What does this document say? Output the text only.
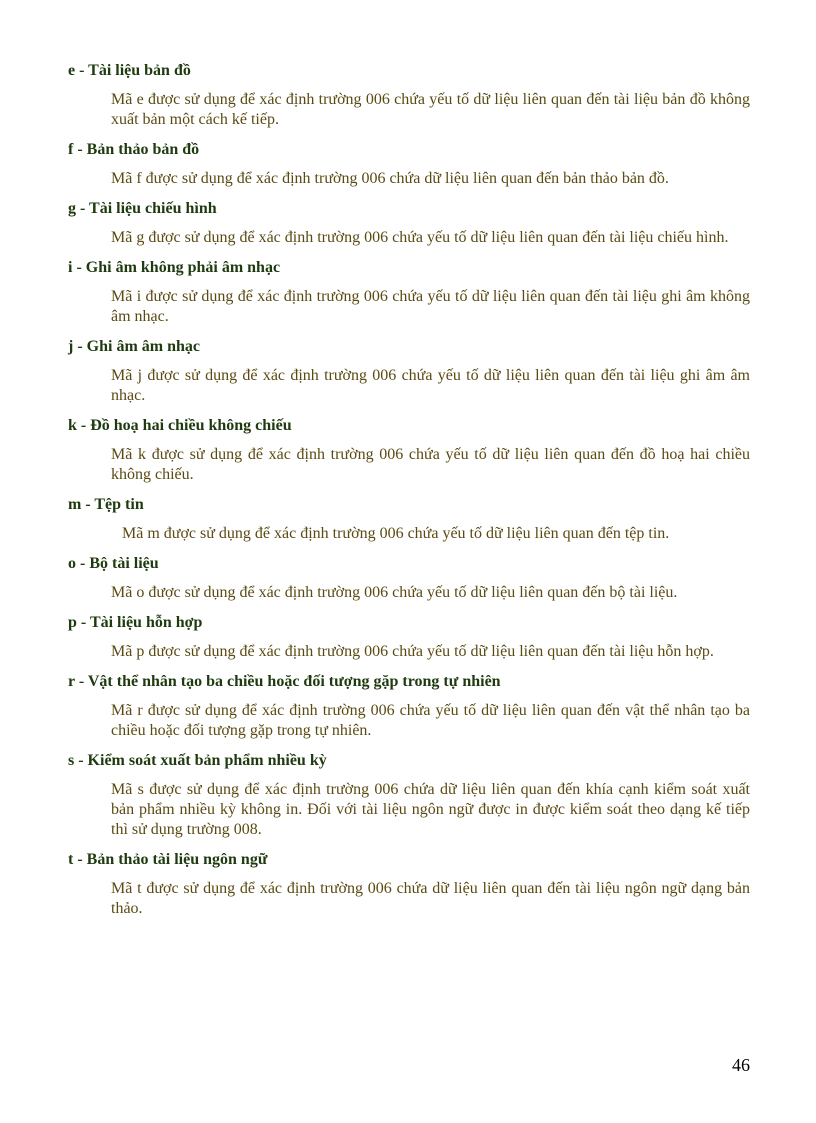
e - Tài liệu bản đồ
Mã e được sử dụng để xác định trường 006 chứa yếu tố dữ liệu liên quan đến tài liệu bản đồ không xuất bản một cách kế tiếp.
f - Bản thảo bản đồ
Mã f được sử dụng để xác định trường 006 chứa dữ liệu liên quan đến bản thảo bản đồ.
g - Tài liệu chiếu hình
Mã g được sử dụng để xác định trường 006 chứa yếu tố dữ liệu liên quan đến tài liệu chiếu hình.
i - Ghi âm không phải âm nhạc
Mã i được sử dụng để xác định trường 006 chứa yếu tố dữ liệu liên quan đến tài liệu ghi âm không âm nhạc.
j - Ghi âm âm nhạc
Mã j được sử dụng để xác định trường 006 chứa yếu tố dữ liệu liên quan đến tài liệu ghi âm âm nhạc.
k - Đồ hoạ hai chiều không chiếu
Mã k được sử dụng để xác định trường 006 chứa yếu tố dữ liệu liên quan đến đồ hoạ hai chiều không chiếu.
m - Tệp tin
Mã m được sử dụng để xác định trường 006 chứa yếu tố dữ liệu liên quan đến tệp tin.
o - Bộ tài liệu
Mã o được sử dụng để xác định trường 006 chứa yếu tố dữ liệu liên quan đến bộ tài liệu.
p - Tài liệu hỗn hợp
Mã p được sử dụng để xác định trường 006 chứa yếu tố dữ liệu liên quan đến tài liệu hỗn hợp.
r - Vật thể nhân tạo ba chiều hoặc đối tượng gặp trong tự nhiên
Mã r được sử dụng để xác định trường 006 chứa yếu tố dữ liệu liên quan đến vật thể nhân tạo ba chiều hoặc đối tượng gặp trong tự nhiên.
s - Kiểm soát xuất bản phẩm nhiều kỳ
Mã s được sử dụng để xác định trường 006 chứa dữ liệu liên quan đến khía cạnh kiểm soát xuất bản phẩm nhiều kỳ không in. Đối với tài liệu ngôn ngữ được in được kiểm soát theo dạng kế tiếp thì sử dụng trường 008.
t - Bản thảo tài liệu ngôn ngữ
Mã t được sử dụng để xác định trường 006 chứa dữ liệu liên quan đến tài liệu ngôn ngữ dạng bản thảo.
46
